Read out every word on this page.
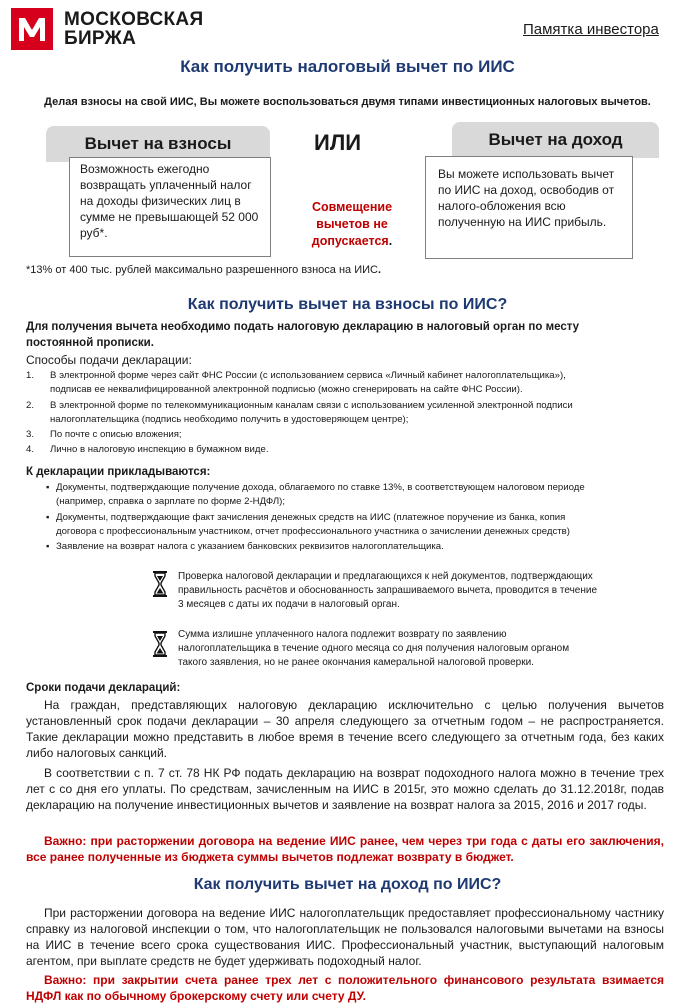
МОСКОВСКАЯ
БИРЖА	Памятка инвестора
Как получить налоговый вычет по ИИС
Делая взносы на свой ИИС, Вы можете воспользоваться двумя типами инвестиционных налоговых вычетов.
Вычет на взносы
Возможность ежегодно возвращать уплаченный налог на доходы физических лиц в сумме не превышающей 52 000 руб*.
ИЛИ
Совмещение вычетов не допускается.
Вычет на доход
Вы можете использовать вычет по ИИС на доход, освободив от налого-обложения всю полученную на ИИС прибыль.
*13% от 400 тыс. рублей максимально разрешенного взноса на ИИС.
Как получить вычет на взносы по ИИС?
Для получения вычета необходимо подать налоговую декларацию в налоговый орган по месту
постоянной прописки.
Способы подачи декларации:
1. В электронной форме через сайт ФНС России (с использованием сервиса «Личный кабинет налогоплательщика»),
подписав ее неквалифицированной электронной подписью (можно сгенерировать на сайте ФНС России).
2. В электронной форме по телекоммуникационным каналам связи с использованием усиленной электронной подписи
налогоплательщика (подпись необходимо получить в удостоверяющем центре);
3. По почте с описью вложения;
4. Лично в налоговую инспекцию в бумажном виде.
К декларации прикладываются:
▪ Документы, подтверждающие получение дохода, облагаемого по ставке 13%, в соответствующем налоговом периоде
(например, справка о зарплате по форме 2-НДФЛ);
▪ Документы, подтверждающие факт зачисления денежных средств на ИИС (платежное поручение из банка, копия
договора с профессиональным участником, отчет профессионального участника о зачислении денежных средств)
▪ Заявление на возврат налога с указанием банковских реквизитов налогоплательщика.
Проверка налоговой декларации и предлагающихся к ней документов, подтверждающих
правильность расчётов и обоснованность запрашиваемого вычета, проводится в течение
3 месяцев с даты их подачи в налоговый орган.
Сумма излишне уплаченного налога подлежит возврату по заявлению
налогоплательщика в течение одного месяца со дня получения налоговым органом
такого заявления, но не ранее окончания камеральной налоговой проверки.
Сроки подачи деклараций:
На граждан, представляющих налоговую декларацию исключительно с целью получения вычетов установленный срок подачи декларации – 30 апреля следующего за отчетным годом – не распространяется. Такие декларации можно представить в любое время в течение всего следующего за отчетным года, без каких либо налоговых санкций.
В соответствии с п. 7 ст. 78 НК РФ подать декларацию на возврат подоходного налога можно в течение трех лет с со дня его уплаты. По средствам, зачисленным на ИИС в 2015г, это можно сделать до 31.12.2018г, подав декларацию на получение инвестиционных вычетов и заявление на возврат налога за 2015, 2016 и 2017 годы.
Важно: при расторжении договора на ведение ИИС ранее, чем через три года с даты его заключения, все ранее полученные из бюджета суммы вычетов подлежат возврату в бюджет.
Как получить вычет на доход по ИИС?
При расторжении договора на ведение ИИС налогоплательщик предоставляет профессиональному частнику справку из налоговой инспекции о том, что налогоплательщик не пользовался налоговыми вычетами на взносы на ИИС в течение всего срока существования ИИС. Профессиональный участник, выступающий налоговым агентом, при выплате средств не будет удерживать подоходный налог.
Важно: при закрытии счета ранее трех лет с положительного финансового результата взимается НДФЛ как по обычному брокерскому счету или счету ДУ.
